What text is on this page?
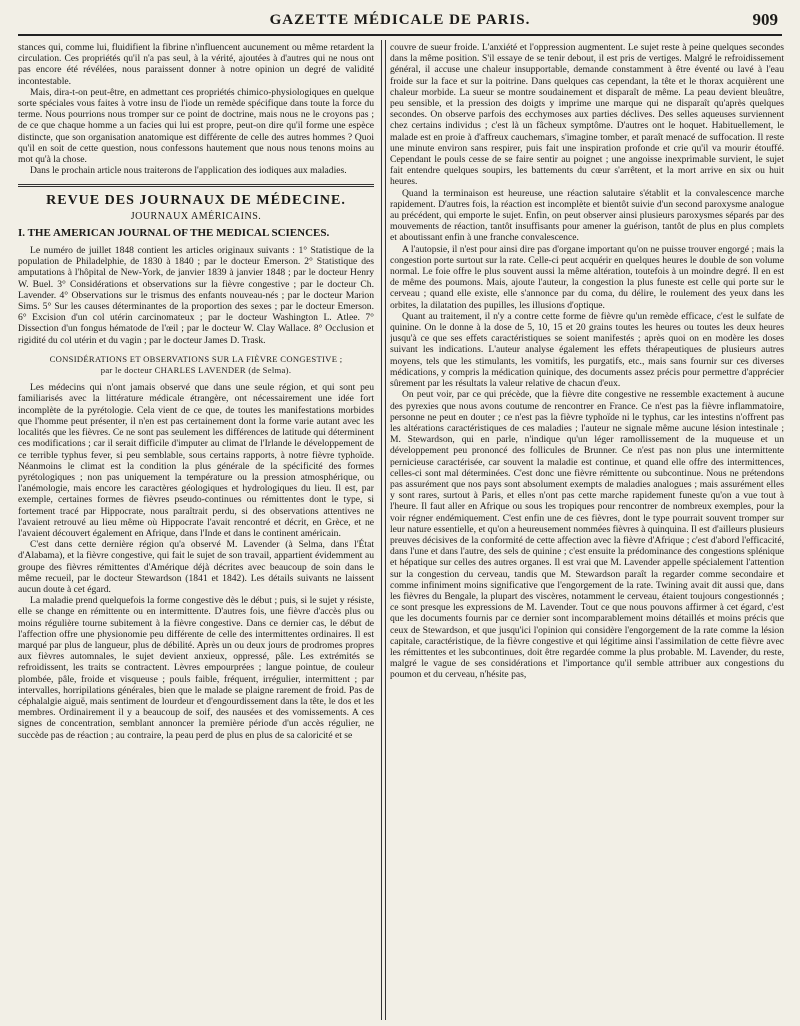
GAZETTE MÉDICALE DE PARIS.	909

stances qui, comme lui, fluidifient la fibrine n'influencent aucunement ou même retardent la circulation. Ces propriétés qu'il n'a pas seul, à la vérité, ajoutées à d'autres qui ne nous ont pas encore été révélées, nous paraissent donner à notre opinion un degré de validité incontestable.

Mais, dira-t-on peut-être, en admettant ces propriétés chimico-physiologiques en quelque sorte spéciales vous faites à votre insu de l'iode un remède spécifique dans toute la force du terme. Nous pourrions nous tromper sur ce point de doctrine, mais nous ne le croyons pas ; de ce que chaque homme a un facies qui lui est propre, peut-on dire qu'il forme une espèce distincte, que son organisation anatomique est différente de celle des autres hommes ? Quoi qu'il en soit de cette question, nous confessons hautement que nous nous tenons moins au mot qu'à la chose.

Dans le prochain article nous traiterons de l'application des iodiques aux maladies.

REVUE DES JOURNAUX DE MÉDECINE.
JOURNAUX AMÉRICAINS.
I. THE AMERICAN JOURNAL OF THE MEDICAL SCIENCES.

Le numéro de juillet 1848 contient les articles originaux suivants : 1° Statistique de la population de Philadelphie, de 1830 à 1840 ; par le docteur Emerson. 2° Statistique des amputations à l'hôpital de New-York, de janvier 1839 à janvier 1848 ; par le docteur Henry W. Buel. 3° Considérations et observations sur la fièvre congestive ; par le docteur Ch. Lavender. 4° Observations sur le trismus des enfants nouveau-nés ; par le docteur Marion Sims. 5° Sur les causes déterminantes de la proportion des sexes ; par le docteur Emerson. 6° Excision d'un col utérin carcinomateux ; par le docteur Washington L. Atlee. 7° Dissection d'un fongus hématode de l'œil ; par le docteur W. Clay Wallace. 8° Occlusion et rigidité du col utérin et du vagin ; par le docteur James D. Trask.

CONSIDÉRATIONS ET OBSERVATIONS SUR LA FIÈVRE CONGESTIVE ;
par le docteur CHARLES LAVENDER (de Selma).

Les médecins qui n'ont jamais observé que dans une seule région, et qui sont peu familiarisés avec la littérature médicale étrangère, ont nécessairement une idée fort incomplète de la pyrétologie. Cela vient de ce que, de toutes les manifestations morbides que l'homme peut présenter, il n'en est pas certainement dont la forme varie autant avec les localités que les fièvres. Ce ne sont pas seulement les différences de latitude qui déterminent ces modifications ; car il serait difficile d'imputer au climat de l'Irlande le développement de ce terrible typhus fever, si peu semblable, sous certains rapports, à notre fièvre typhoïde. Néanmoins le climat est la condition la plus générale de la spécificité des formes pyrétologiques ; non pas uniquement la température ou la pression atmosphérique, ou l'anémologie, mais encore les caractères géologiques et hydrologiques du lieu. Il est, par exemple, certaines formes de fièvres pseudo-continues ou rémittentes dont le type, si fortement tracé par Hippocrate, nous paraîtrait perdu, si des observations attentives ne l'avaient retrouvé au lieu même où Hippocrate l'avait rencontré et décrit, en Grèce, et ne l'avaient découvert également en Afrique, dans l'Inde et dans le continent américain.

C'est dans cette dernière région qu'a observé M. Lavender (à Selma, dans l'État d'Alabama), et la fièvre congestive, qui fait le sujet de son travail, appartient évidemment au groupe des fièvres rémittentes d'Amérique déjà décrites avec beaucoup de soin dans le même recueil, par le docteur Stewardson (1841 et 1842). Les détails suivants ne laissent aucun doute à cet égard.

La maladie prend quelquefois la forme congestive dès le début ; puis, si le sujet y résiste, elle se change en rémittente ou en intermittente. D'autres fois, une fièvre d'accès plus ou moins régulière tourne subitement à la fièvre congestive. Dans ce dernier cas, le début de l'affection offre une physionomie peu différente de celle des intermittentes ordinaires. Il est marqué par plus de langueur, plus de débilité. Après un ou deux jours de prodromes propres aux fièvres automnales, le sujet devient anxieux, oppressé, pâle. Les extrémités se refroidissent, les traits se contractent. Lèvres empourprées ; langue pointue, de couleur plombée, pâle, froide et visqueuse ; pouls faible, fréquent, irrégulier, intermittent ; par intervalles, horripilations générales, bien que le malade se plaigne rarement de froid. Pas de céphalalgie aiguë, mais sentiment de lourdeur et d'engourdissement dans la tête, le dos et les membres. Ordinairement il y a beaucoup de soif, des nausées et des vomissements. A ces signes de concentration, semblant annoncer la première période d'un accès régulier, ne succède pas de réaction ; au contraire, la peau perd de plus en plus de sa caloricité et se

couvre de sueur froide. L'anxiété et l'oppression augmentent. Le sujet reste à peine quelques secondes dans la même position. S'il essaye de se tenir debout, il est pris de vertiges. Malgré le refroidissement général, il accuse une chaleur insupportable, demande constamment à être éventé ou lavé à l'eau froide sur la face et sur la poitrine. Dans quelques cas cependant, la tête et le thorax acquièrent une chaleur morbide. La sueur se montre soudainement et disparaît de même. La peau devient bleuâtre, peu sensible, et la pression des doigts y imprime une marque qui ne disparaît qu'après quelques secondes. On observe parfois des ecchymoses aux parties déclives. Des selles aqueuses surviennent chez certains individus ; c'est là un fâcheux symptôme. D'autres ont le hoquet. Habituellement, le malade est en proie à d'affreux cauchemars, s'imagine tomber, et paraît menacé de suffocation. Il reste une minute environ sans respirer, puis fait une inspiration profonde et crie qu'il va mourir étouffé. Cependant le pouls cesse de se faire sentir au poignet ; une angoisse inexprimable survient, le sujet fait entendre quelques soupirs, les battements du cœur s'arrêtent, et la mort arrive en six ou huit heures.

Quand la terminaison est heureuse, une réaction salutaire s'établit et la convalescence marche rapidement. D'autres fois, la réaction est incomplète et bientôt suivie d'un second paroxysme analogue au précédent, qui emporte le sujet. Enfin, on peut observer ainsi plusieurs paroxysmes séparés par des mouvements de réaction, tantôt insuffisants pour amener la guérison, tantôt de plus en plus complets et aboutissant enfin à une franche convalescence.

A l'autopsie, il n'est pour ainsi dire pas d'organe important qu'on ne puisse trouver engorgé ; mais la congestion porte surtout sur la rate. Celle-ci peut acquérir en quelques heures le double de son volume normal. Le foie offre le plus souvent aussi la même altération, toutefois à un moindre degré. Il en est de même des poumons. Mais, ajoute l'auteur, la congestion la plus funeste est celle qui porte sur le cerveau ; quand elle existe, elle s'annonce par du coma, du délire, le roulement des yeux dans les orbites, la dilatation des pupilles, les illusions d'optique.

Quant au traitement, il n'y a contre cette forme de fièvre qu'un remède efficace, c'est le sulfate de quinine. On le donne à la dose de 5, 10, 15 et 20 grains toutes les heures ou toutes les deux heures jusqu'à ce que ses effets caractéristiques se soient manifestés ; après quoi on en modère les doses suivant les indications. L'auteur analyse également les effets thérapeutiques de plusieurs autres moyens, tels que les stimulants, les vomitifs, les purgatifs, etc., mais sans fournir sur ces diverses médications, y compris la médication quinique, des documents assez précis pour permettre d'apprécier sûrement par les résultats la valeur relative de chacun d'eux.

On peut voir, par ce qui précède, que la fièvre dite congestive ne ressemble exactement à aucune des pyrexies que nous avons coutume de rencontrer en France. Ce n'est pas la fièvre inflammatoire, personne ne peut en douter ; ce n'est pas la fièvre typhoïde ni le typhus, car les intestins n'offrent pas les altérations caractéristiques de ces maladies ; l'auteur ne signale même aucune lésion intestinale ; M. Stewardson, qui en parle, n'indique qu'un léger ramollissement de la muqueuse et un développement peu prononcé des follicules de Brunner. Ce n'est pas non plus une intermittente pernicieuse caractérisée, car souvent la maladie est continue, et quand elle offre des intermittences, celles-ci sont mal déterminées. C'est donc une fièvre rémittente ou subcontinue. Nous ne prétendons pas assurément que nos pays sont absolument exempts de maladies analogues ; mais assurément elles y sont rares, surtout à Paris, et elles n'ont pas cette marche rapidement funeste qu'on a vue tout à l'heure. Il faut aller en Afrique ou sous les tropiques pour rencontrer de nombreux exemples, pour la voir régner endémiquement. C'est enfin une de ces fièvres, dont le type pourrait souvent tromper sur leur nature essentielle, et qu'on a heureusement nommées fièvres à quinquina. Il est d'ailleurs plusieurs preuves décisives de la conformité de cette affection avec la fièvre d'Afrique ; c'est d'abord l'efficacité, dans l'une et dans l'autre, des sels de quinine ; c'est ensuite la prédominance des congestions splénique et hépatique sur celles des autres organes. Il est vrai que M. Lavender appelle spécialement l'attention sur la congestion du cerveau, tandis que M. Stewardson paraît la regarder comme secondaire et comme infiniment moins significative que l'engorgement de la rate. Twining avait dit aussi que, dans les fièvres du Bengale, la plupart des viscères, notamment le cerveau, étaient toujours congestionnés ; ce sont presque les expressions de M. Lavender. Tout ce que nous pouvons affirmer à cet égard, c'est que les documents fournis par ce dernier sont incomparablement moins détaillés et moins précis que ceux de Stewardson, et que jusqu'ici l'opinion qui considère l'engorgement de la rate comme la lésion capitale, caractéristique, de la fièvre congestive et qui légitime ainsi l'assimilation de cette fièvre avec les rémittentes et les subcontinues, doit être regardée comme la plus probable. M. Lavender, du reste, malgré le vague de ses considérations et l'importance qu'il semble attribuer aux congestions du poumon et du cerveau, n'hésite pas,
